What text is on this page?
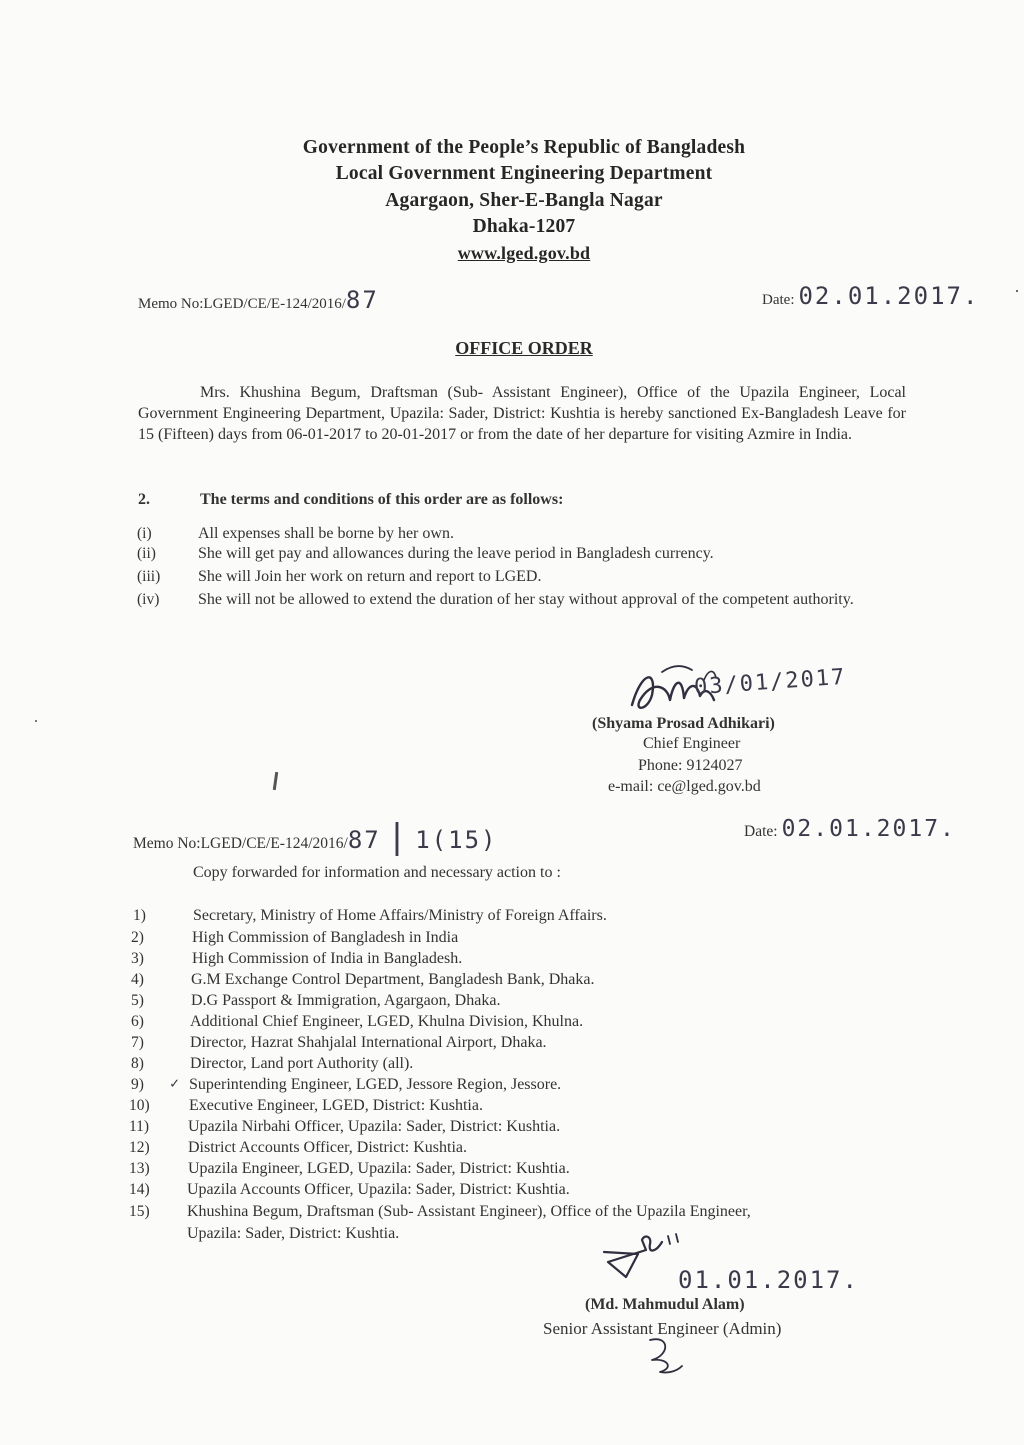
Government of the People’s Republic of Bangladesh
Local Government Engineering Department
Agargaon, Sher-E-Bangla Nagar
Dhaka-1207
www.lged.gov.bd
Memo No:LGED/CE/E-124/2016/87	Date: 02.01.2017.
OFFICE ORDER
Mrs. Khushina Begum, Draftsman (Sub- Assistant Engineer), Office of the Upazila Engineer, Local Government Engineering Department, Upazila: Sader, District: Kushtia is hereby sanctioned Ex-Bangladesh Leave for 15 (Fifteen) days from 06-01-2017 to 20-01-2017 or from the date of her departure for visiting Azmire in India.
2.	The terms and conditions of this order are as follows:
(i)	All expenses shall be borne by her own.
(ii)	She will get pay and allowances during the leave period in Bangladesh currency.
(iii) She will Join her work on return and report to LGED.
(iv) She will not be allowed to extend the duration of her stay without approval of the competent authority.
03/01/2017
(Shyama Prosad Adhikari)
Chief Engineer
Phone: 9124027
e-mail: ce@lged.gov.bd
Memo No:LGED/CE/E-124/2016/87 | 1(15)	Date: 02.01.2017.
Copy forwarded for information and necessary action to :
1)	Secretary, Ministry of Home Affairs/Ministry of Foreign Affairs.
2)	High Commission of Bangladesh in India
3)	High Commission of India in Bangladesh.
4)	G.M Exchange Control Department, Bangladesh Bank, Dhaka.
5)	D.G Passport & Immigration, Agargaon, Dhaka.
6)	Additional Chief Engineer, LGED, Khulna Division, Khulna.
7)	Director, Hazrat Shahjalal International Airport, Dhaka.
8)	Director, Land port Authority (all).
9) ✓ Superintending Engineer, LGED, Jessore Region, Jessore.
10) Executive Engineer, LGED, District: Kushtia.
11) Upazila Nirbahi Officer, Upazila: Sader, District: Kushtia.
12) District Accounts Officer, District: Kushtia.
13) Upazila Engineer, LGED, Upazila: Sader, District: Kushtia.
14) Upazila Accounts Officer, Upazila: Sader, District: Kushtia.
15) Khushina Begum, Draftsman (Sub- Assistant Engineer), Office of the Upazila Engineer,
Upazila: Sader, District: Kushtia.
01.01.2017.
(Md. Mahmudul Alam)
Senior Assistant Engineer (Admin)
